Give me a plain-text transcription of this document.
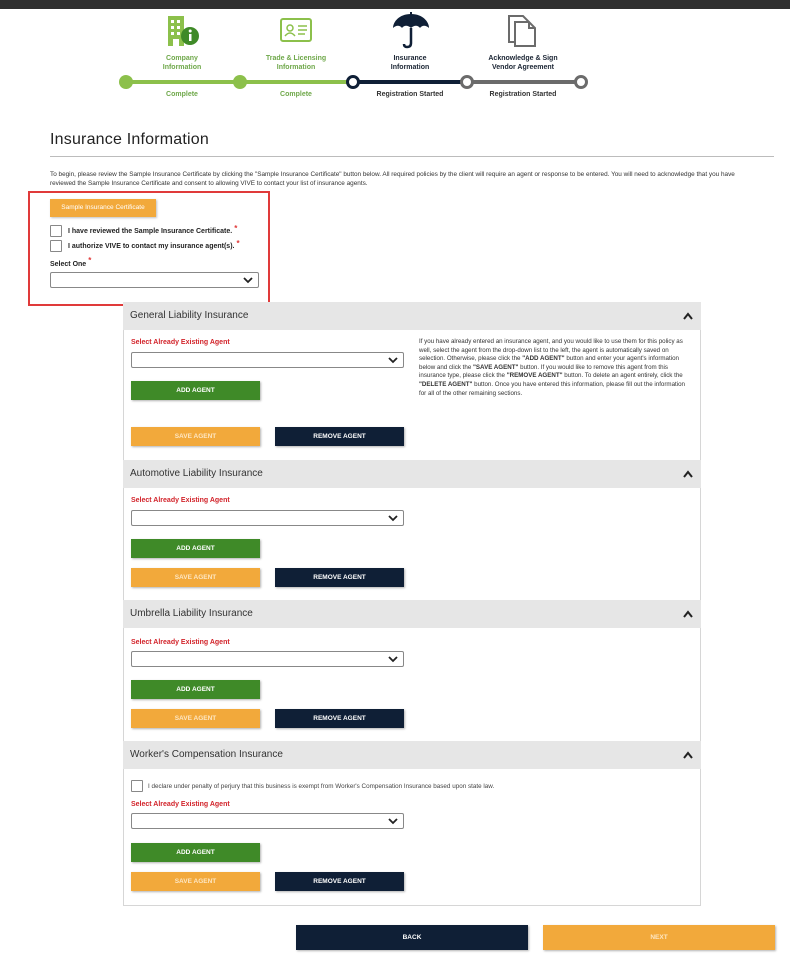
Company
Information
Trade & Licensing
Information
Insurance
Information
Acknowledge & Sign
Vendor Agreement
Complete	Complete	Registration Started	Registration Started
Insurance Information

To begin, please review the Sample Insurance Certificate by clicking the "Sample Insurance Certificate" button below. All required policies by the client will require an agent or response to be entered. You will need to acknowledge that you have reviewed the Sample Insurance Certificate and consent to allowing VIVE to contact your list of insurance agents.

Sample Insurance Certificate
I have reviewed the Sample Insurance Certificate. *
I authorize VIVE to contact my insurance agent(s). *
Select One *
General Liability Insurance
Select Already Existing Agent	If you have already entered an insurance agent, and you would like to use them for this policy as well, select the agent from the drop-down list to the left, the agent is automatically saved on selection. Otherwise, please click the "ADD AGENT" button and enter your agent's information below and click the "SAVE AGENT" button. If you would like to remove this agent from this insurance type, please click the "REMOVE AGENT" button. To delete an agent entirely, click the "DELETE AGENT" button. Once you have entered this information, please fill out the information for all of the other remaining sections.
ADD AGENT
SAVE AGENT	REMOVE AGENT
Automotive Liability Insurance
Select Already Existing Agent
ADD AGENT
SAVE AGENT	REMOVE AGENT
Umbrella Liability Insurance
Select Already Existing Agent
ADD AGENT
SAVE AGENT	REMOVE AGENT
Worker's Compensation Insurance
I declare under penalty of perjury that this business is exempt from Worker's Compensation Insurance based upon state law.
Select Already Existing Agent
ADD AGENT
SAVE AGENT	REMOVE AGENT
BACK	NEXT
